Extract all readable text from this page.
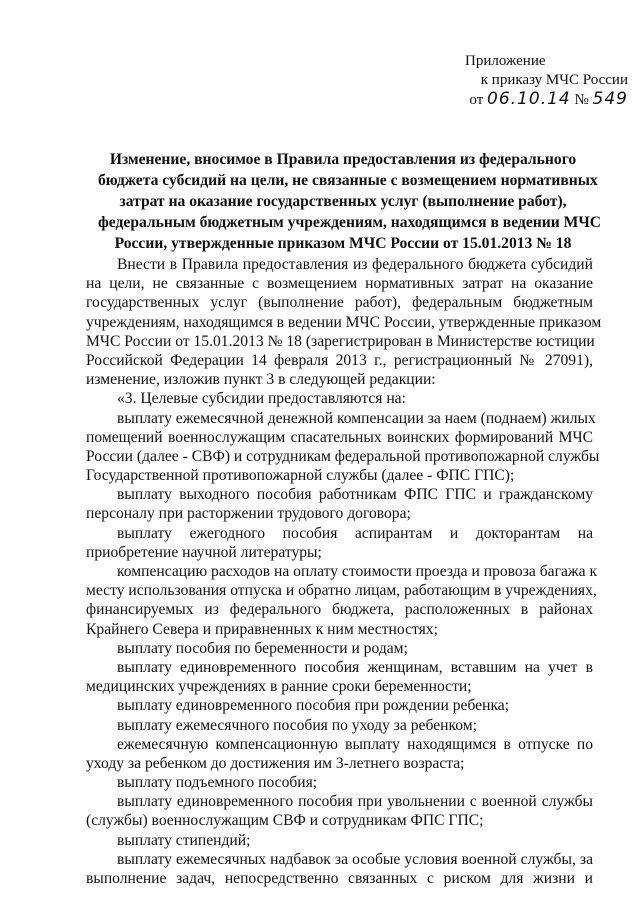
Приложение
к приказу МЧС России
от 06.10.14 № 549
Изменение, вносимое в Правила предоставления из федерального
бюджета субсидий на цели, не связанные с возмещением нормативных
затрат на оказание государственных услуг (выполнение работ),
федеральным бюджетным учреждениям, находящимся в ведении МЧС
России, утвержденные приказом МЧС России от 15.01.2013 № 18
Внести в Правила предоставления из федерального бюджета субсидий
на цели, не связанные с возмещением нормативных затрат на оказание
государственных услуг (выполнение работ), федеральным бюджетным
учреждениям, находящимся в ведении МЧС России, утвержденные приказом
МЧС России от 15.01.2013 № 18 (зарегистрирован в Министерстве юстиции
Российской Федерации 14 февраля 2013 г., регистрационный № 27091),
изменение, изложив пункт 3 в следующей редакции:
«3. Целевые субсидии предоставляются на:
выплату ежемесячной денежной компенсации за наем (поднаем) жилых
помещений военнослужащим спасательных воинских формирований МЧС
России (далее - СВФ) и сотрудникам федеральной противопожарной службы
Государственной противопожарной службы (далее - ФПС ГПС);
выплату выходного пособия работникам ФПС ГПС и гражданскому
персоналу при расторжении трудового договора;
выплату ежегодного пособия аспирантам и докторантам на
приобретение научной литературы;
компенсацию расходов на оплату стоимости проезда и провоза багажа к
месту использования отпуска и обратно лицам, работающим в учреждениях,
финансируемых из федерального бюджета, расположенных в районах
Крайнего Севера и приравненных к ним местностях;
выплату пособия по беременности и родам;
выплату единовременного пособия женщинам, вставшим на учет в
медицинских учреждениях в ранние сроки беременности;
выплату единовременного пособия при рождении ребенка;
выплату ежемесячного пособия по уходу за ребенком;
ежемесячную компенсационную выплату находящимся в отпуске по
уходу за ребенком до достижения им 3-летнего возраста;
выплату подъемного пособия;
выплату единовременного пособия при увольнении с военной службы
(службы) военнослужащим СВФ и сотрудникам ФПС ГПС;
выплату стипендий;
выплату ежемесячных надбавок за особые условия военной службы, за
выполнение задач, непосредственно связанных с риском для жизни и
